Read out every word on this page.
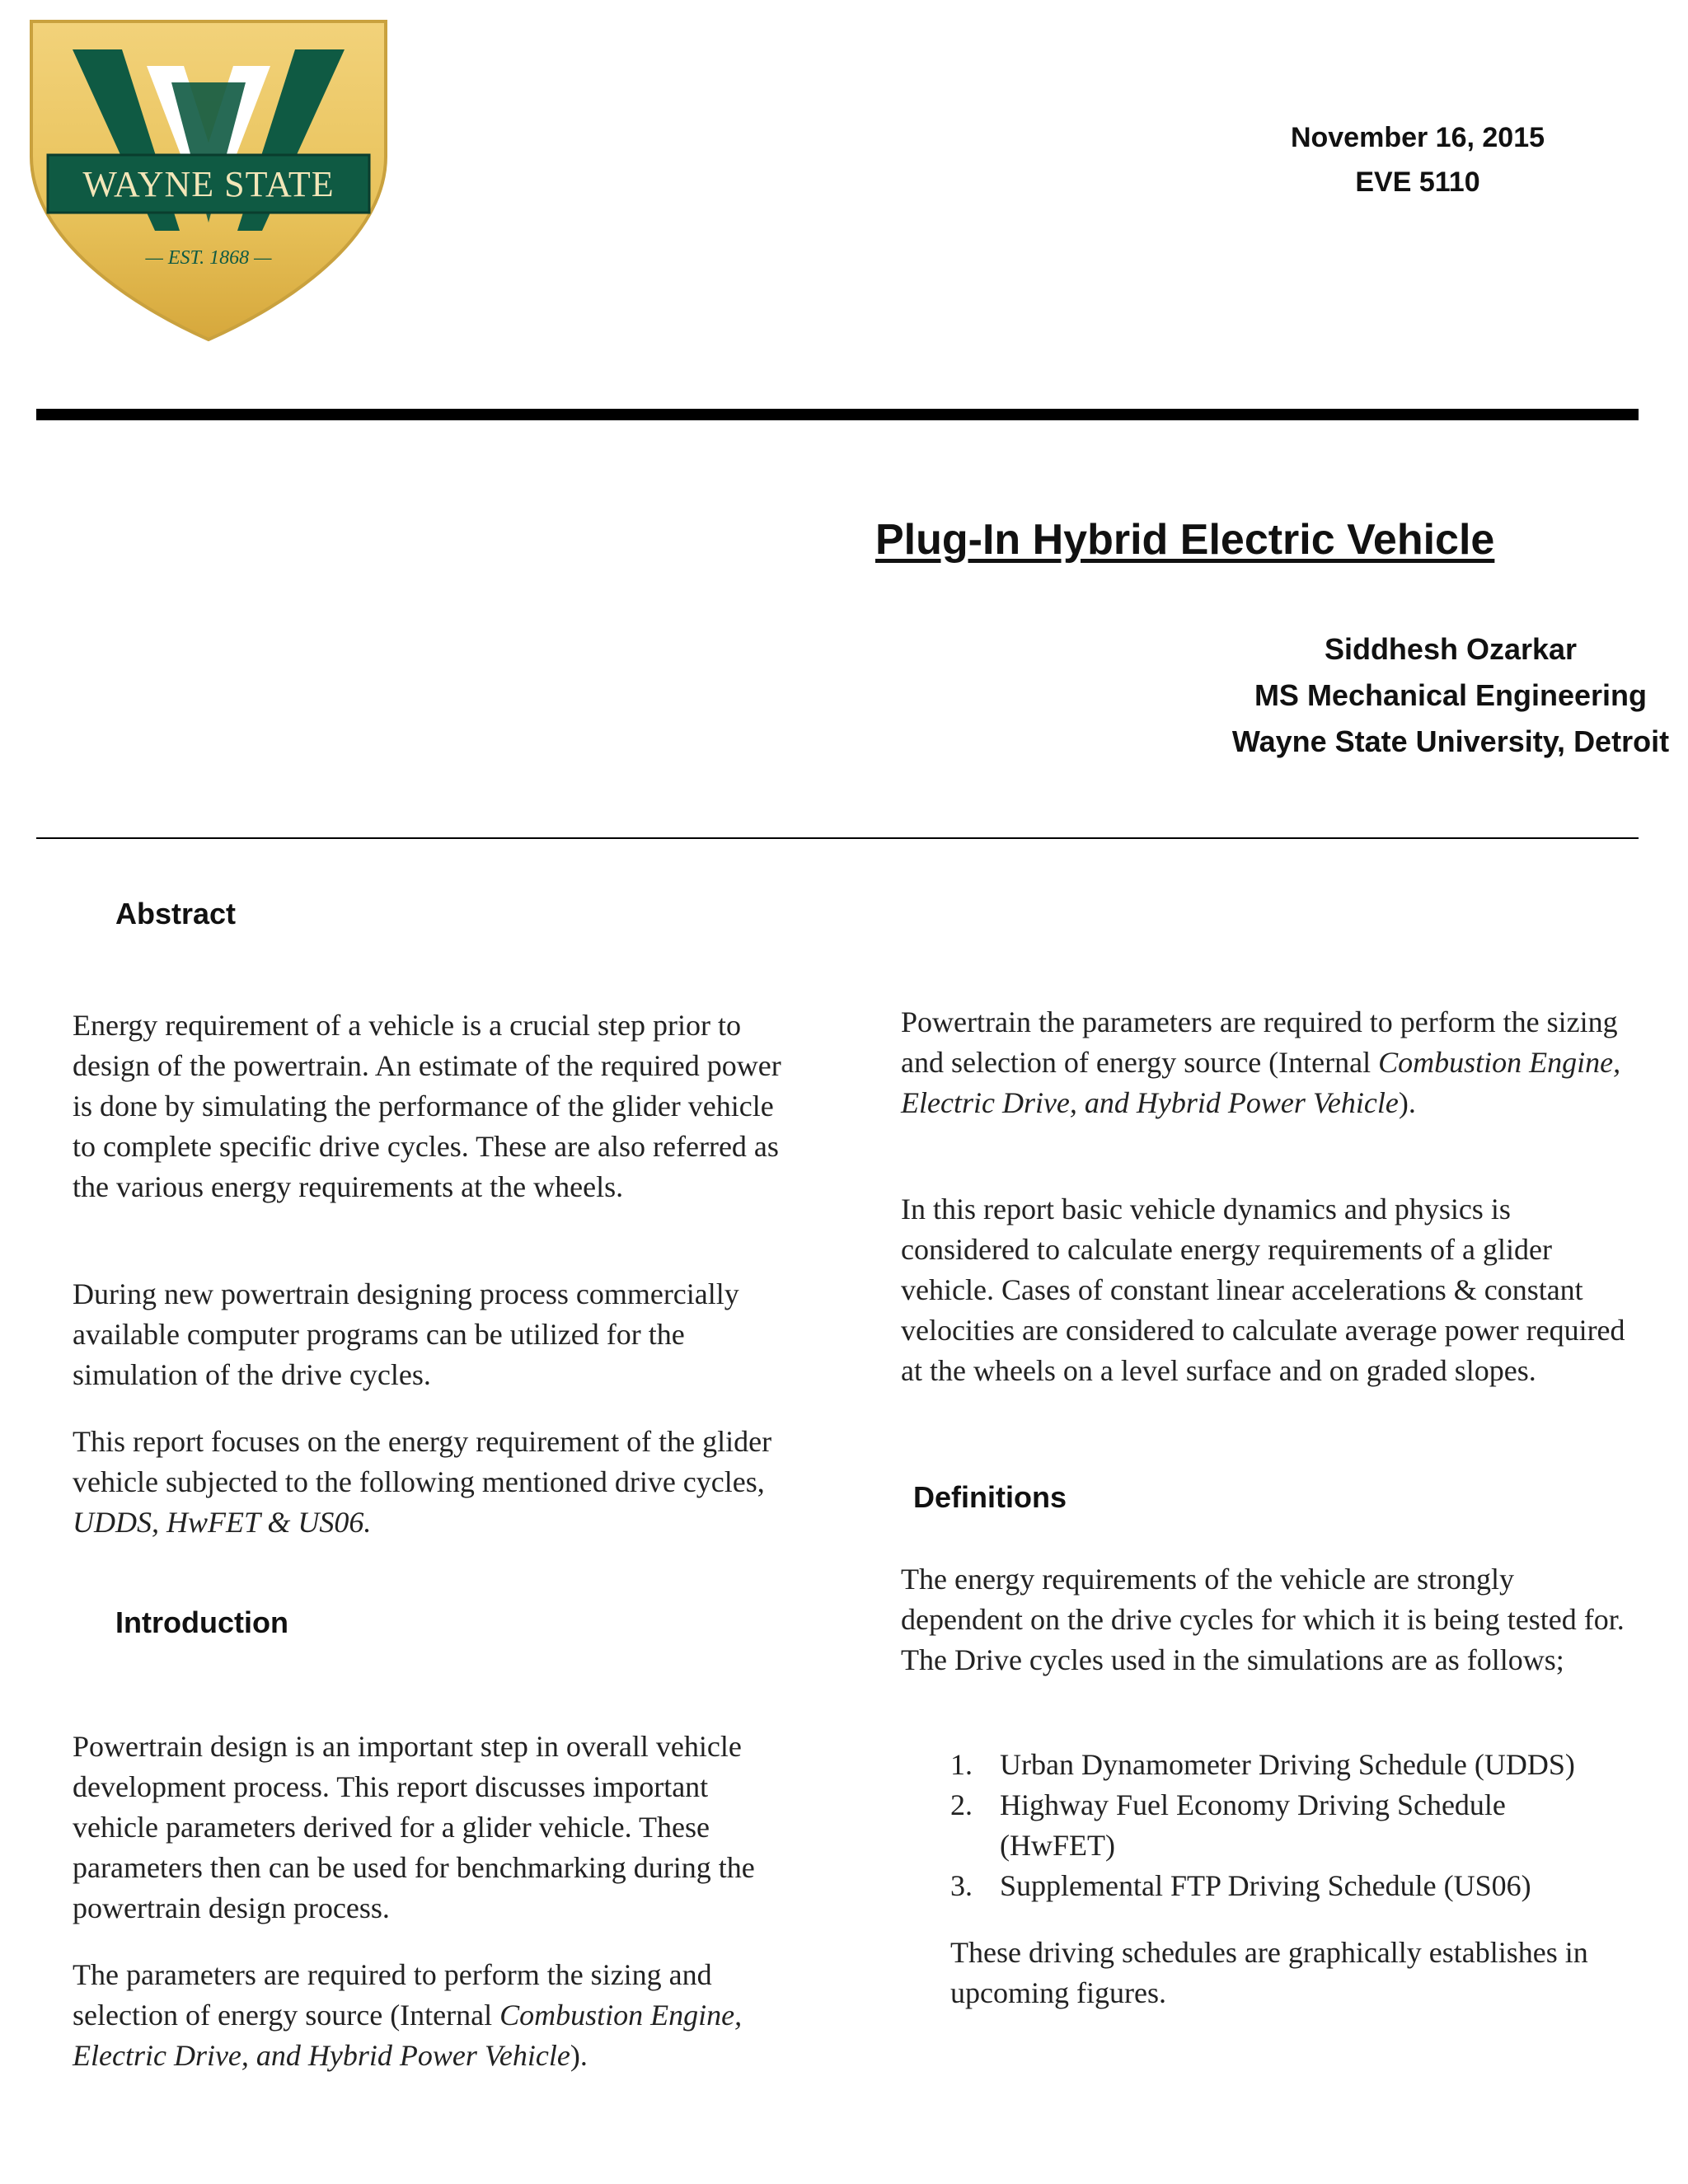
WAYNE STATE
— EST. 1868 —
November 16, 2015
EVE 5110
Plug-In Hybrid Electric Vehicle
Siddhesh Ozarkar
MS Mechanical Engineering
Wayne State University, Detroit
Abstract
Energy requirement of a vehicle is a crucial step prior to design of the powertrain. An estimate of the required power is done by simulating the performance of the glider vehicle to complete specific drive cycles. These are also referred as the various energy requirements at the wheels.
During new powertrain designing process commercially available computer programs can be utilized for the simulation of the drive cycles.
This report focuses on the energy requirement of the glider vehicle subjected to the following mentioned drive cycles, UDDS, HwFET & US06.
Introduction
Powertrain design is an important step in overall vehicle development process. This report discusses important vehicle parameters derived for a glider vehicle. These parameters then can be used for benchmarking during the powertrain design process.
The parameters are required to perform the sizing and selection of energy source (Internal Combustion Engine, Electric Drive, and Hybrid Power Vehicle).
Powertrain the parameters are required to perform the sizing and selection of energy source (Internal Combustion Engine, Electric Drive, and Hybrid Power Vehicle).
In this report basic vehicle dynamics and physics is considered to calculate energy requirements of a glider vehicle. Cases of constant linear accelerations & constant velocities are considered to calculate average power required at the wheels on a level surface and on graded slopes.
Definitions
The energy requirements of the vehicle are strongly dependent on the drive cycles for which it is being tested for. The Drive cycles used in the simulations are as follows;
1. Urban Dynamometer Driving Schedule (UDDS)
2. Highway Fuel Economy Driving Schedule (HwFET)
3. Supplemental FTP Driving Schedule (US06)
These driving schedules are graphically establishes in upcoming figures.
